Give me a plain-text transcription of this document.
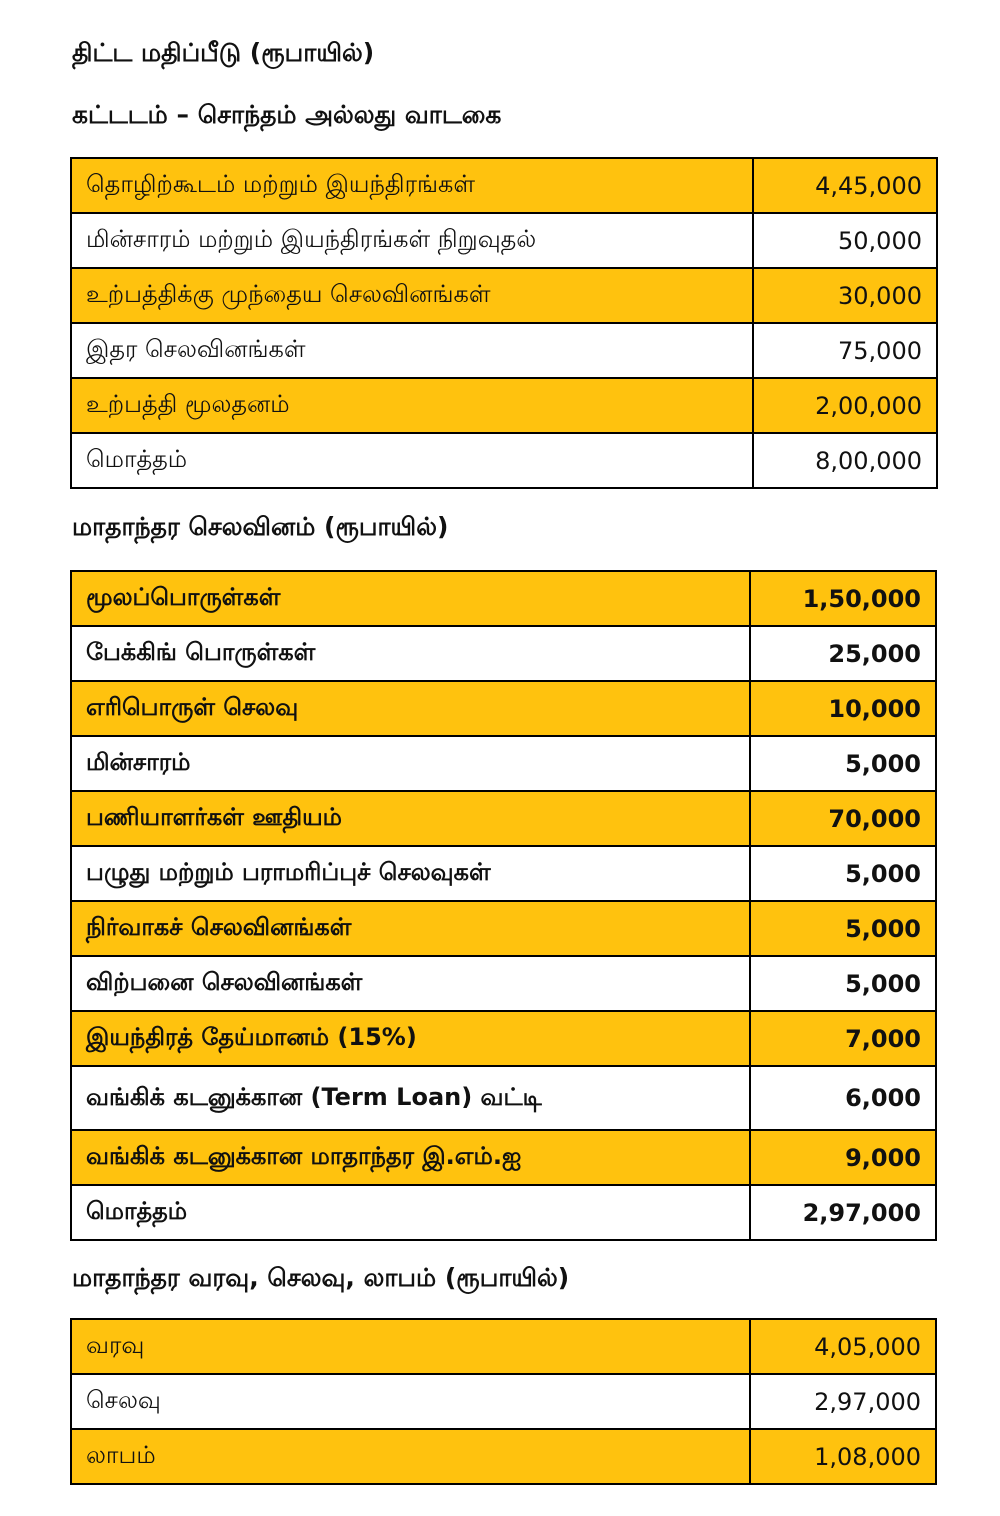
திட்ட மதிப்பீடு (ரூபாயில்)
கட்டடம் – சொந்தம் அல்லது வாடகை
தொழிற்கூடம் மற்றும் இயந்திரங்கள்	4,45,000
மின்சாரம் மற்றும் இயந்திரங்கள் நிறுவுதல்	50,000
உற்பத்திக்கு முந்தைய செலவினங்கள்	30,000
இதர செலவினங்கள்	75,000
உற்பத்தி மூலதனம்	2,00,000
மொத்தம்	8,00,000
மாதாந்தர செலவினம் (ரூபாயில்)
மூலப்பொருள்கள்	1,50,000
பேக்கிங் பொருள்கள்	25,000
எரிபொருள் செலவு	10,000
மின்சாரம்	5,000
பணியாளர்கள் ஊதியம்	70,000
பழுது மற்றும் பராமரிப்புச் செலவுகள்	5,000
நிர்வாகச் செலவினங்கள்	5,000
விற்பனை செலவினங்கள்	5,000
இயந்திரத் தேய்மானம் (15%)	7,000
வங்கிக் கடனுக்கான (Term Loan) வட்டி	6,000
வங்கிக் கடனுக்கான மாதாந்தர இ.எம்.ஐ	9,000
மொத்தம்	2,97,000
மாதாந்தர வரவு, செலவு, லாபம் (ரூபாயில்)
வரவு	4,05,000
செலவு	2,97,000
லாபம்	1,08,000
